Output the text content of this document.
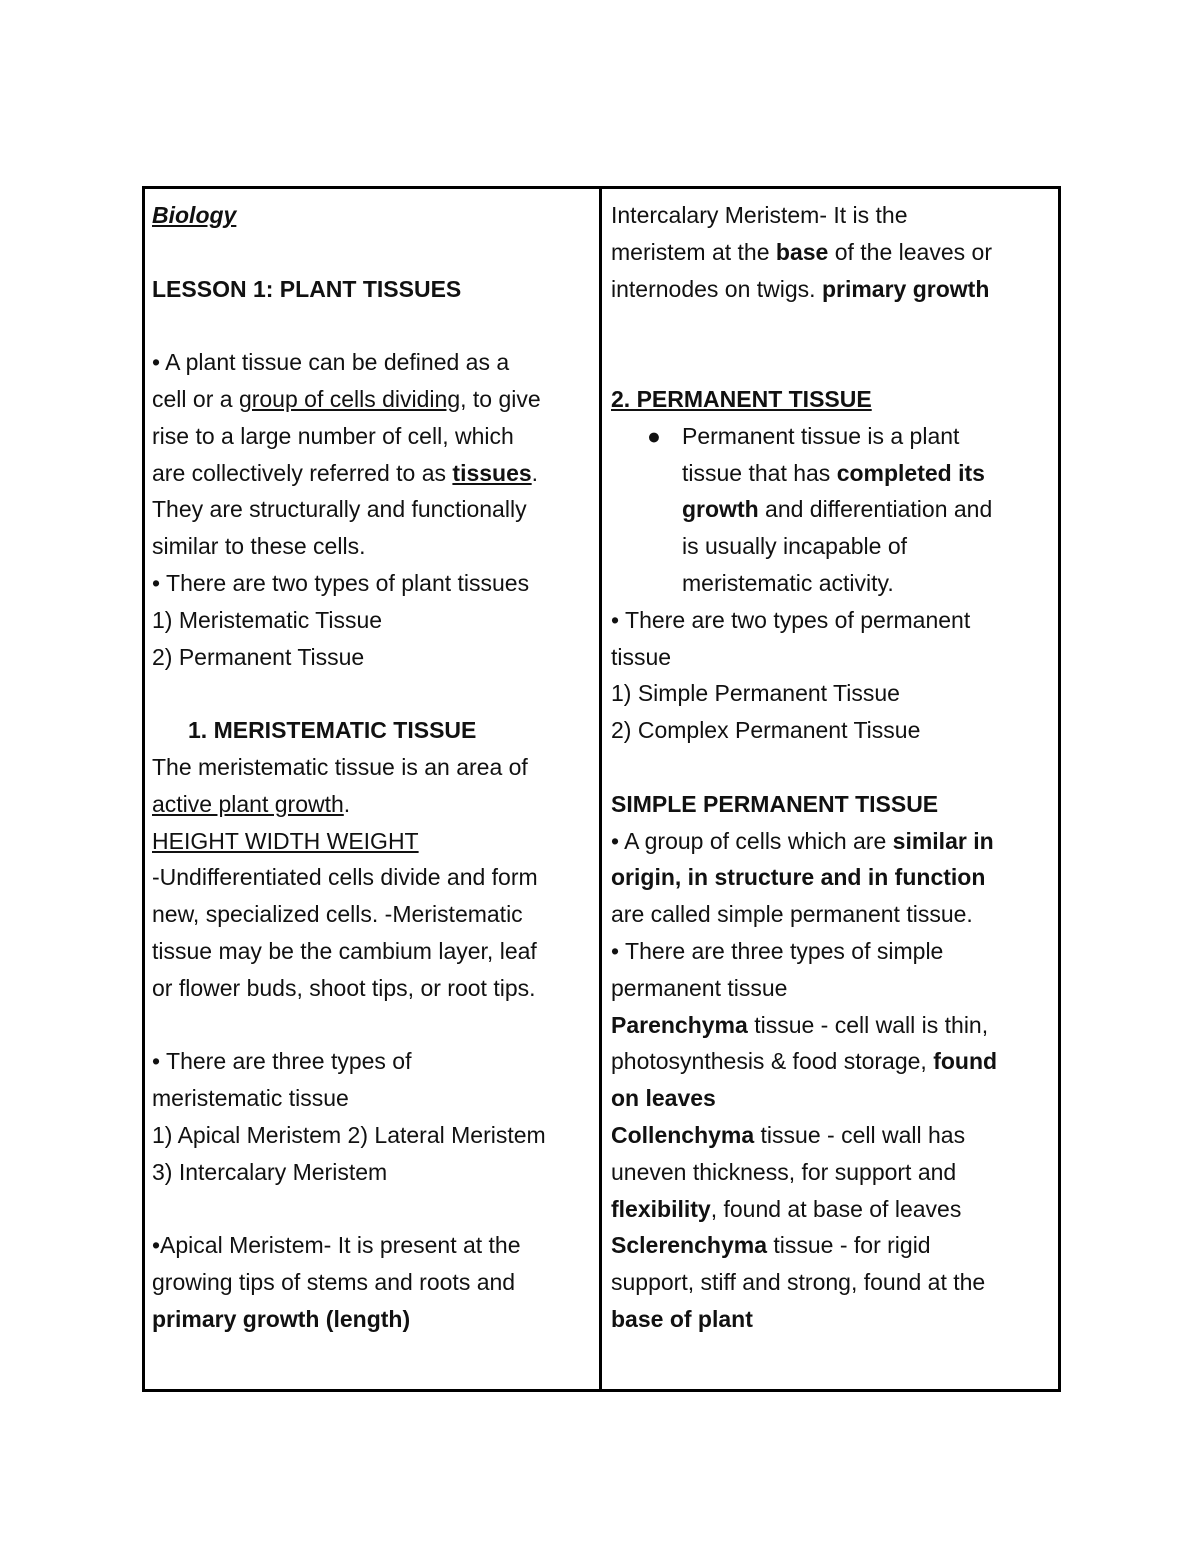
Biology
LESSON 1: PLANT TISSUES
• A plant tissue can be defined as a
cell or a group of cells dividing, to give
rise to a large number of cell, which
are collectively referred to as tissues.
They are structurally and functionally
similar to these cells.
• There are two types of plant tissues
1) Meristematic Tissue
2) Permanent Tissue
1. MERISTEMATIC TISSUE
The meristematic tissue is an area of
active plant growth.
HEIGHT WIDTH WEIGHT
-Undifferentiated cells divide and form
new, specialized cells. -Meristematic
tissue may be the cambium layer, leaf
or flower buds, shoot tips, or root tips.
• There are three types of
meristematic tissue
1) Apical Meristem 2) Lateral Meristem
3) Intercalary Meristem
•Apical Meristem- It is present at the
growing tips of stems and roots and
primary growth (length)
Intercalary Meristem- It is the
meristem at the base of the leaves or
internodes on twigs. primary growth
2. PERMANENT TISSUE
● Permanent tissue is a plant
tissue that has completed its
growth and differentiation and
is usually incapable of
meristematic activity.
• There are two types of permanent
tissue
1) Simple Permanent Tissue
2) Complex Permanent Tissue
SIMPLE PERMANENT TISSUE
• A group of cells which are similar in
origin, in structure and in function
are called simple permanent tissue.
• There are three types of simple
permanent tissue
Parenchyma tissue - cell wall is thin,
photosynthesis & food storage, found
on leaves
Collenchyma tissue - cell wall has
uneven thickness, for support and
flexibility, found at base of leaves
Sclerenchyma tissue - for rigid
support, stiff and strong, found at the
base of plant
